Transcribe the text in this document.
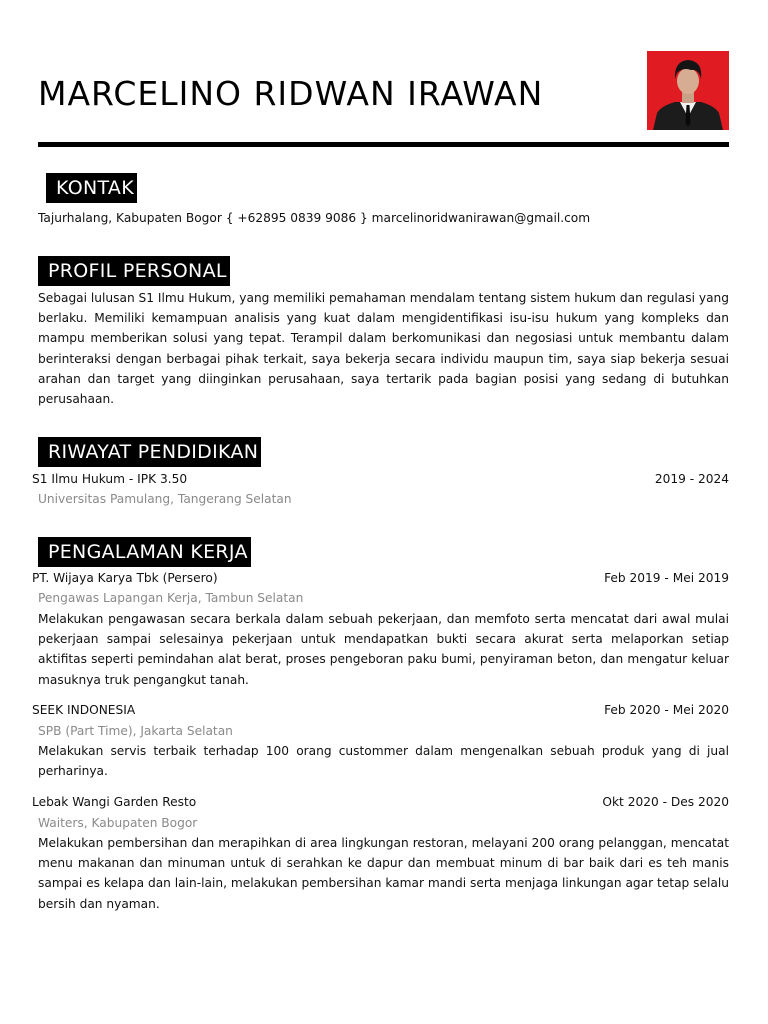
MARCELINO RIDWAN IRAWAN
KONTAK
Tajurhalang, Kabupaten Bogor { +62895 0839 9086 } marcelinoridwanirawan@gmail.com
PROFIL PERSONAL

Sebagai lulusan S1 Ilmu Hukum, yang memiliki pemahaman mendalam tentang sistem hukum dan regulasi yang berlaku. Memiliki kemampuan analisis yang kuat dalam mengidentifikasi isu-isu hukum yang kompleks dan mampu memberikan solusi yang tepat. Terampil dalam berkomunikasi dan negosiasi untuk membantu dalam berinteraksi dengan berbagai pihak terkait, saya bekerja secara individu maupun tim, saya siap bekerja sesuai arahan dan target yang diinginkan perusahaan, saya tertarik pada bagian posisi yang sedang di butuhkan perusahaan.

RIWAYAT PENDIDIKAN
S1 Ilmu Hukum - IPK 3.50	2019 - 2024
Universitas Pamulang, Tangerang Selatan
PENGALAMAN KERJA
PT. Wijaya Karya Tbk (Persero)	Feb 2019 - Mei 2019
Pengawas Lapangan Kerja, Tambun Selatan

Melakukan pengawasan secara berkala dalam sebuah pekerjaan, dan memfoto serta mencatat dari awal mulai pekerjaan sampai selesainya pekerjaan untuk mendapatkan bukti secara akurat serta melaporkan setiap aktifitas seperti pemindahan alat berat, proses pengeboran paku bumi, penyiraman beton, dan mengatur keluar masuknya truk pengangkut tanah.

SEEK INDONESIA	Feb 2020 - Mei 2020
SPB (Part Time), Jakarta Selatan

Melakukan servis terbaik terhadap 100 orang custommer dalam mengenalkan sebuah produk yang di jual perharinya.

Lebak Wangi Garden Resto	Okt 2020 - Des 2020
Waiters, Kabupaten Bogor

Melakukan pembersihan dan merapihkan di area lingkungan restoran, melayani 200 orang pelanggan, mencatat menu makanan dan minuman untuk di serahkan ke dapur dan membuat minum di bar baik dari es teh manis sampai es kelapa dan lain-lain, melakukan pembersihan kamar mandi serta menjaga linkungan agar tetap selalu bersih dan nyaman.
